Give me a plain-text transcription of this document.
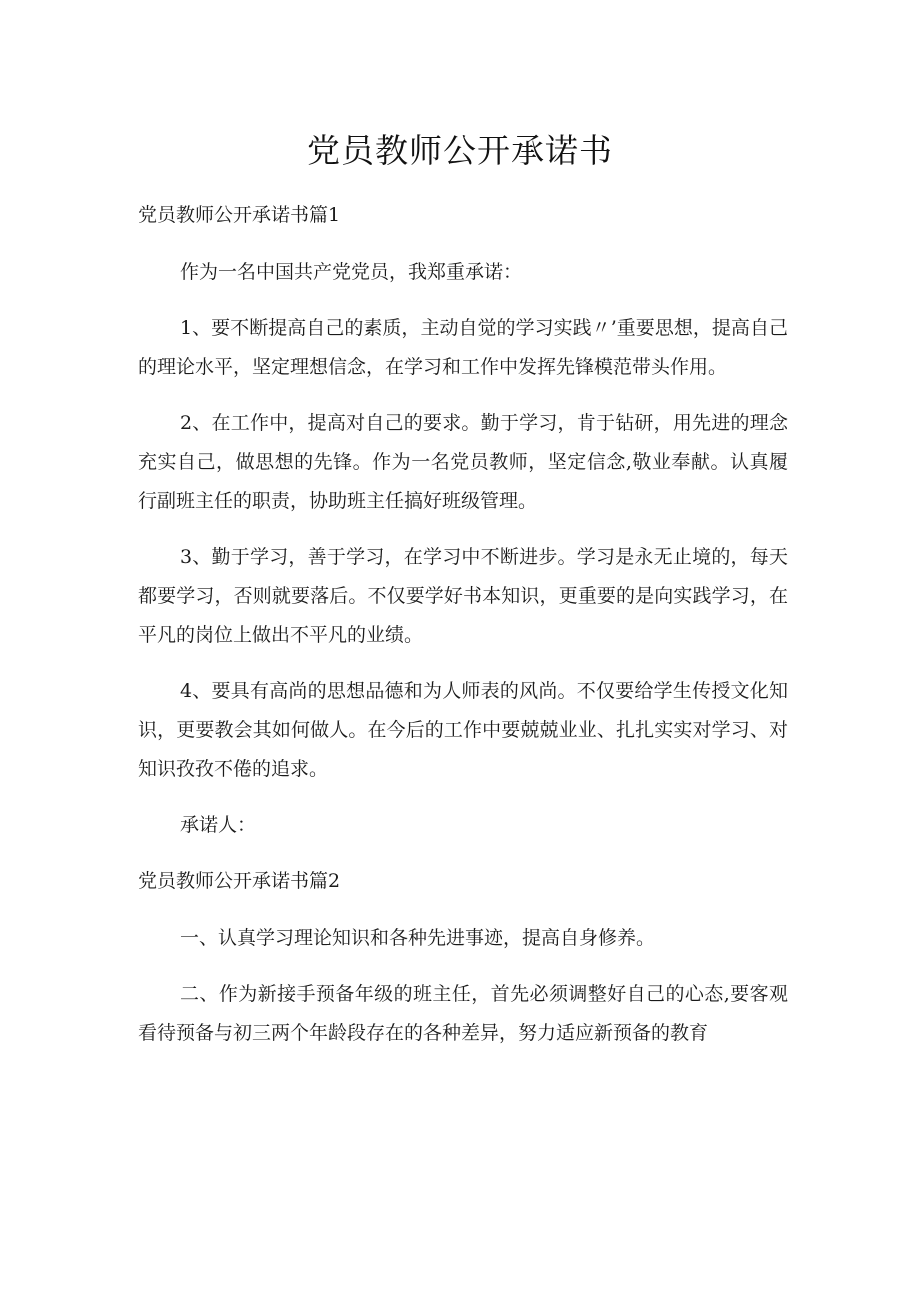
党员教师公开承诺书

党员教师公开承诺书篇1

作为一名中国共产党党员，我郑重承诺：

1、要不断提高自己的素质，主动自觉的学习实践〃’重要思想，提高自己的理论水平，坚定理想信念，在学习和工作中发挥先锋模范带头作用。

2、在工作中，提高对自己的要求。勤于学习，肯于钻研，用先进的理念充实自己，做思想的先锋。作为一名党员教师，坚定信念,敬业奉献。认真履行副班主任的职责，协助班主任搞好班级管理。

3、勤于学习，善于学习，在学习中不断进步。学习是永无止境的，每天都要学习，否则就要落后。不仅要学好书本知识，更重要的是向实践学习，在平凡的岗位上做出不平凡的业绩。

4、要具有高尚的思想品德和为人师表的风尚。不仅要给学生传授文化知识，更要教会其如何做人。在今后的工作中要兢兢业业、扎扎实实对学习、对知识孜孜不倦的追求。

承诺人：

党员教师公开承诺书篇2

一、认真学习理论知识和各种先进事迹，提高自身修养。

二、作为新接手预备年级的班主任，首先必须调整好自己的心态,要客观看待预备与初三两个年龄段存在的各种差异，努力适应新预备的教育
